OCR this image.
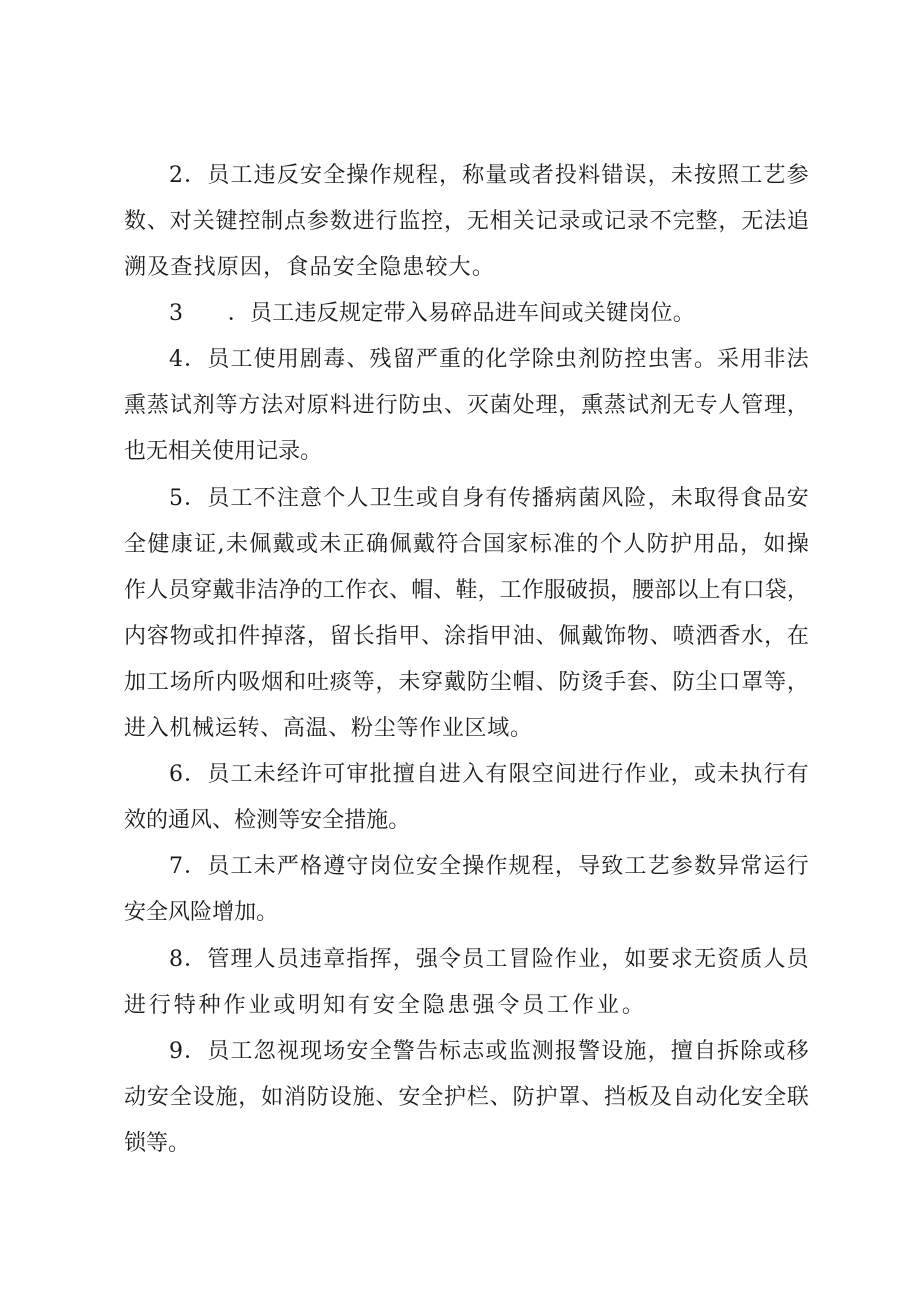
2 ． 员 工 违 反 安 全 操 作 规 程 ， 称 量 或 者 投 料 错 误 ， 未 按 照 工 艺 参
数 、 对 关 键 控 制 点 参 数 进 行 监 控 ， 无 相 关 记 录 或 记 录 不 完 整 ， 无 法 追
溯 及 查 找 原 因 ， 食 品 安 全 隐 患 较 大 。
3

　 ． 员 工 违 反 规 定 带 入 易 碎 品 进 车 间 或 关 键 岗 位 。
4 ． 员 工 使 用 剧 毒 、 残 留 严 重 的 化 学 除 虫 剂 防 控 虫 害 。 采 用 非 法
熏 蒸 试 剂 等 方 法 对 原 料 进 行 防 虫 、 灭 菌 处 理 ， 熏 蒸 试 剂 无 专 人 管 理 ，
也 无 相 关 使 用 记 录 。
5 ． 员 工 不 注 意 个 人 卫 生 或 自 身 有 传 播 病 菌 风 险 ， 未 取 得 食 品 安
全 健 康 证 , 未 佩 戴 或 未 正 确 佩 戴 符 合 国 家 标 准 的 个 人 防 护 用 品 ， 如 操
作 人 员 穿 戴 非 洁 净 的 工 作 衣 、 帽 、 鞋 ， 工 作 服 破 损 ， 腰 部 以 上 有 口 袋 ，
内 容 物 或 扣 件 掉 落 ， 留 长 指 甲 、 涂 指 甲 油 、 佩 戴 饰 物 、 喷 洒 香 水 ， 在
加 工 场 所 内 吸 烟 和 吐 痰 等 ， 未 穿 戴 防 尘 帽 、 防 烫 手 套 、 防 尘 口 罩 等 ，
进 入 机 械 运 转 、 高 温 、 粉 尘 等 作 业 区 域 。
6 ． 员 工 未 经 许 可 审 批 擅 自 进 入 有 限 空 间 进 行 作 业 ， 或 未 执 行 有
效 的 通 风 、 检 测 等 安 全 措 施 。
7 ． 员 工 未 严 格 遵 守 岗 位 安 全 操 作 规 程 ， 导 致 工 艺 参 数 异 常 运 行
安 全 风 险 增 加 。
8 ． 管 理 人 员 违 章 指 挥 ， 强 令 员 工 冒 险 作 业 ， 如 要 求 无 资 质 人 员
进 行 特 种 作 业 或 明 知 有 安 全 隐 患 强 令 员 工 作 业 。
9 ． 员 工 忽 视 现 场 安 全 警 告 标 志 或 监 测 报 警 设 施 ， 擅 自 拆 除 或 移
动 安 全 设 施 ， 如 消 防 设 施 、 安 全 护 栏 、 防 护 罩 、 挡 板 及 自 动 化 安 全 联
锁 等 。
